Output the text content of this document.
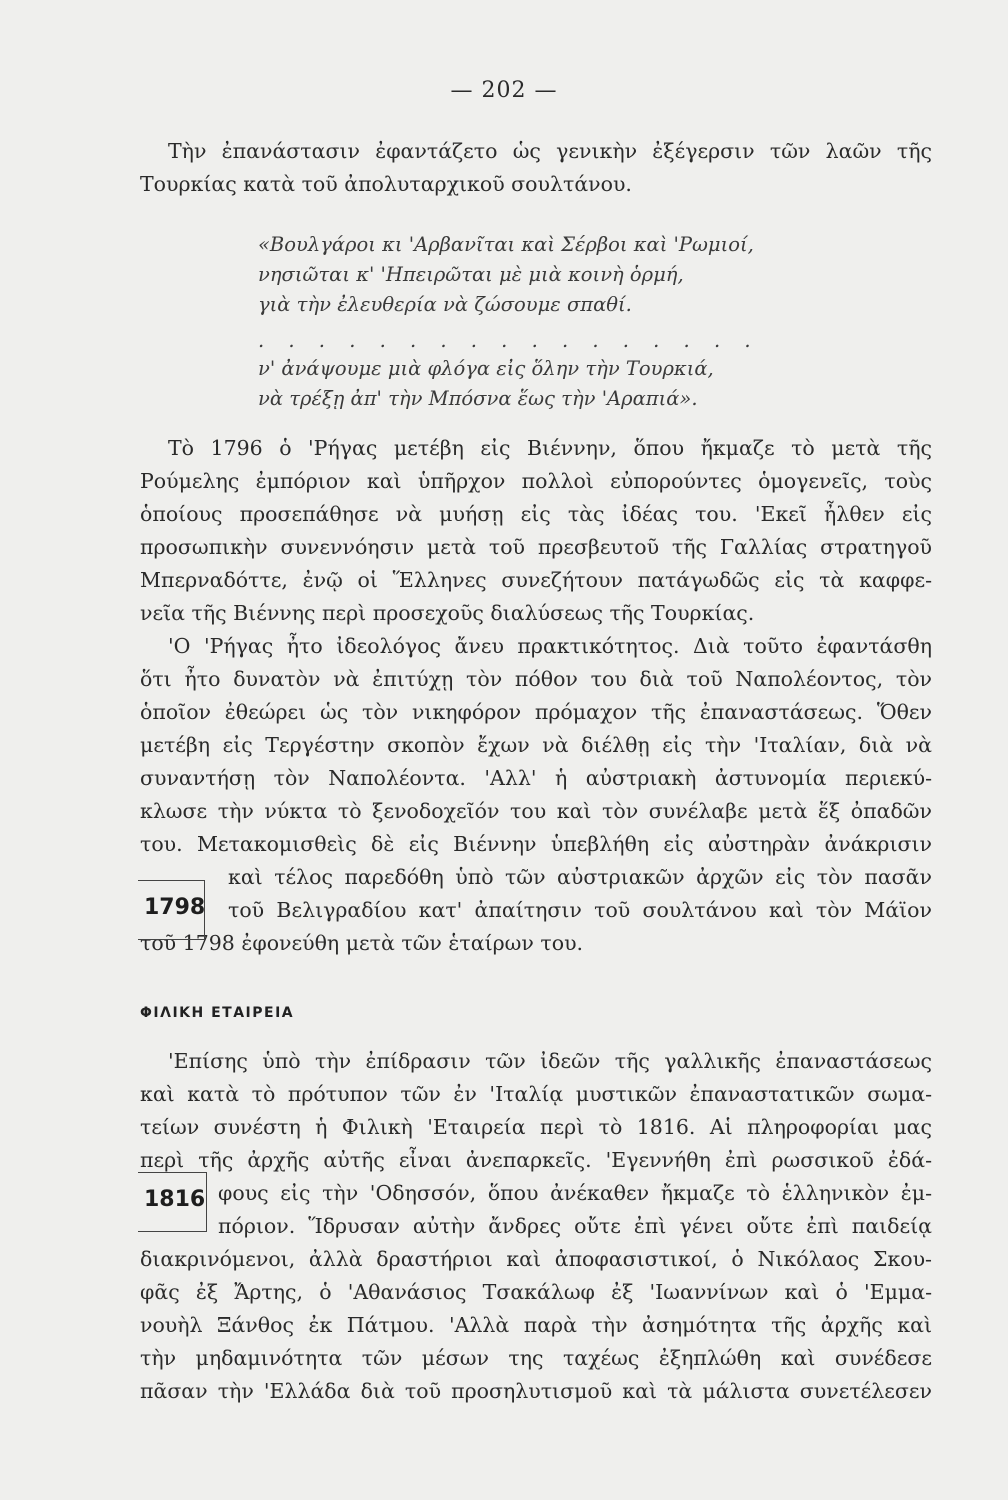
— 202 —
Τὴν ἐπανάστασιν ἐφαντάζετο ὡς γενικὴν ἐξέγερσιν τῶν λαῶν τῆς
Τουρκίας κατὰ τοῦ ἀπολυταρχικοῦ σουλτάνου.
«Βουλγάροι κι 'Αρβανῖται καὶ Σέρβοι καὶ 'Ρωμιοί,
νησιῶται κ' 'Ηπειρῶται μὲ μιὰ κοινὴ ὁρμή,
γιὰ τὴν ἐλευθερία νὰ ζώσουμε σπαθί.
. . . . . . . . . . . . . . . . .
ν' ἀνάψουμε μιὰ φλόγα εἰς ὅλην τὴν Τουρκιά,
νὰ τρέξῃ ἀπ' τὴν Μπόσνα ἕως τὴν 'Αραπιά».
Τὸ 1796 ὁ 'Ρήγας μετέβη εἰς Βιέννην, ὅπου ἤκμαζε τὸ μετὰ τῆς
Ρούμελης ἐμπόριον καὶ ὑπῆρχον πολλοὶ εὐπορούντες ὁμογενεῖς, τοὺς
ὁποίους προσεπάθησε νὰ μυήσῃ εἰς τὰς ἰδέας του. 'Εκεῖ ἦλθεν εἰς
προσωπικὴν συνεννόησιν μετὰ τοῦ πρεσβευτοῦ τῆς Γαλλίας στρατηγοῦ
Μπερναδόττε, ἐνῷ οἱ Ἕλληνες συνεζήτουν πατάγωδῶς εἰς τὰ καφφε-
νεῖα τῆς Βιέννης περὶ προσεχοῦς διαλύσεως τῆς Τουρκίας.
'Ο 'Ρήγας ἦτο ἰδεολόγος ἄνευ πρακτικότητος. Διὰ τοῦτο ἐφαντάσθη
ὅτι ἦτο δυνατὸν νὰ ἐπιτύχῃ τὸν πόθον του διὰ τοῦ Ναπολέοντος, τὸν
ὁποῖον ἐθεώρει ὡς τὸν νικηφόρον πρόμαχον τῆς ἐπαναστάσεως. Ὅθεν
μετέβη εἰς Τεργέστην σκοπὸν ἔχων νὰ διέλθῃ εἰς τὴν 'Ιταλίαν, διὰ νὰ
συναντήσῃ τὸν Ναπολέοντα. 'Αλλ' ἡ αὐστριακὴ ἀστυνομία περιεκύ-
κλωσε τὴν νύκτα τὸ ξενοδοχεῖόν του καὶ τὸν συνέλαβε μετὰ ἕξ ὀπαδῶν
του. Μετακομισθεὶς δὲ εἰς Βιέννην ὑπεβλήθη εἰς αὐστηρὰν ἀνάκρισιν
καὶ τέλος παρεδόθη ὑπὸ τῶν αὐστριακῶν ἀρχῶν εἰς τὸν πασᾶν
τοῦ Βελιγραδίου κατ' ἀπαίτησιν τοῦ σουλτάνου καὶ τὸν Μάϊον
τοῦ 1798 ἐφονεύθη μετὰ τῶν ἑταίρων του.
1798
ΦΙΛΙΚΗ ΕΤΑΙΡΕΙΑ
'Επίσης ὑπὸ τὴν ἐπίδρασιν τῶν ἰδεῶν τῆς γαλλικῆς ἐπαναστάσεως
καὶ κατὰ τὸ πρότυπον τῶν ἐν 'Ιταλίᾳ μυστικῶν ἐπαναστατικῶν σωμα-
τείων συνέστη ἡ Φιλικὴ 'Εταιρεία περὶ τὸ 1816. Αἱ πληροφορίαι μας
περὶ τῆς ἀρχῆς αὐτῆς εἶναι ἀνεπαρκεῖς. 'Εγεννήθη ἐπὶ ρωσσικοῦ ἐδά-
φους εἰς τὴν 'Οδησσόν, ὅπου ἀνέκαθεν ἤκμαζε τὸ ἑλληνικὸν ἐμ-
πόριον. Ἵδρυσαν αὐτὴν ἄνδρες οὔτε ἐπὶ γένει οὔτε ἐπὶ παιδείᾳ
διακρινόμενοι, ἀλλὰ δραστήριοι καὶ ἀποφασιστικοί, ὁ Νικόλαος Σκου-
φᾶς ἐξ Ἄρτης, ὁ 'Αθανάσιος Τσακάλωφ ἐξ 'Ιωαννίνων καὶ ὁ 'Εμμα-
νουὴλ Ξάνθος ἐκ Πάτμου. 'Αλλὰ παρὰ τὴν ἀσημότητα τῆς ἀρχῆς καὶ
τὴν μηδαμινότητα τῶν μέσων της ταχέως ἐξηπλώθη καὶ συνέδεσε
πᾶσαν τὴν 'Ελλάδα διὰ τοῦ προσηλυτισμοῦ καὶ τὰ μάλιστα συνετέλεσεν
1816
